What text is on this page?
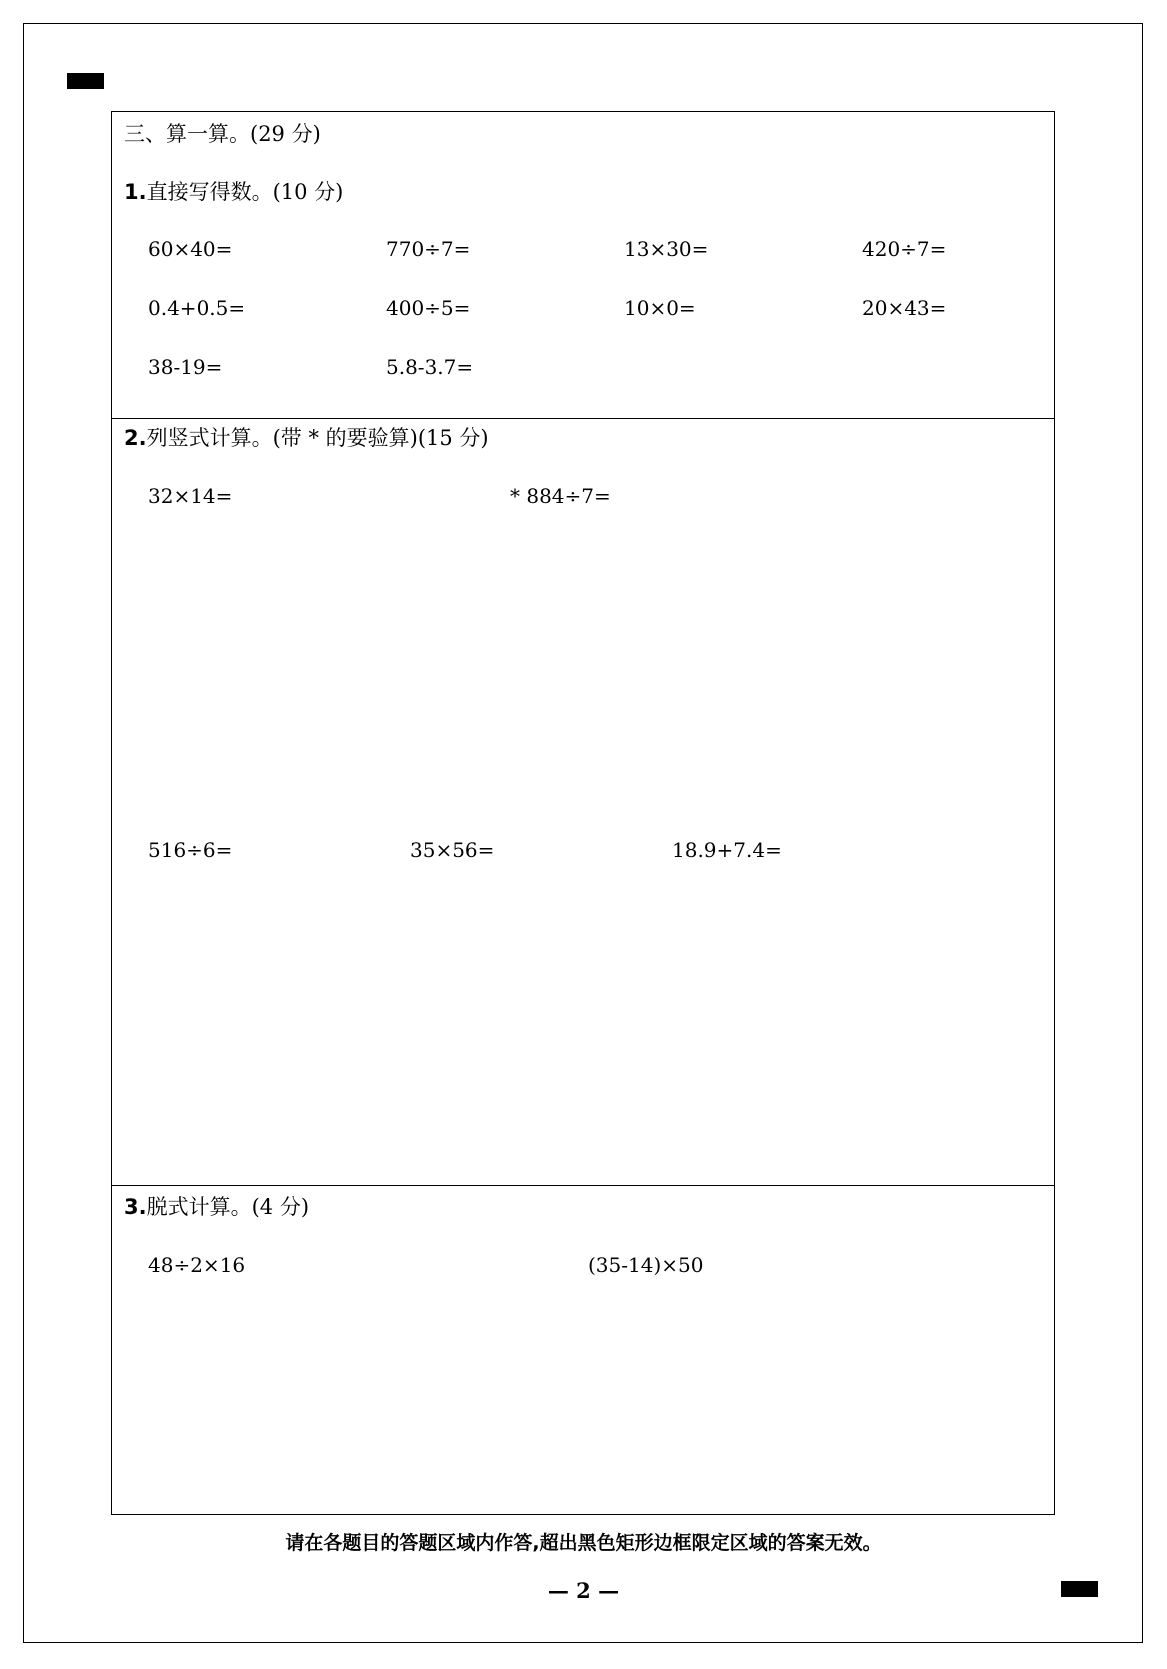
三、算一算。(29 分)
1.直接写得数。(10 分)
60×40=	770÷7=	13×30=	420÷7=
0.4+0.5=	400÷5=	10×0=	20×43=
38-19=	5.8-3.7=
2.列竖式计算。(带 * 的要验算)(15 分)
32×14=	* 884÷7=
516÷6=	35×56=	18.9+7.4=
3.脱式计算。(4 分)
48÷2×16	(35-14)×50
请在各题目的答题区域内作答,超出黑色矩形边框限定区域的答案无效。
— 2 —
